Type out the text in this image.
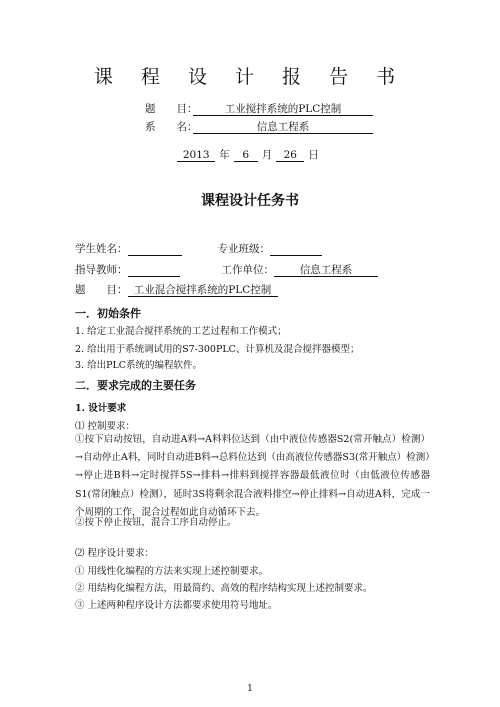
课 程 设 计 报 告 书
题　　目：	工业搅拌系统的PLC控制
系　　名：	信息工程系
2013 年 6 月 26 日
课程设计任务书
学生姓名：	专业班级：
指导教师：	工作单位： 信息工程系
题　　目： 工业混合搅拌系统的PLC控制
一．初始条件
1. 给定工业混合搅拌系统的工艺过程和工作模式；
2. 给出用于系统调试用的S7-300PLC、计算机及混合搅拌器模型；
3. 给出PLC系统的编程软件。
二．要求完成的主要任务
1. 设计要求
⑴ 控制要求：
①按下启动按钮，自动进A料→A料料位达到（由中液位传感器S2(常开触点）检测）→自动停止A料，同时自动进B料→总料位达到（由高液位传感器S3(常开触点）检测）→停止进B料→定时搅拌5S→排料→排料到搅拌容器最低液位时（由低液位传感器S1(常闭触点）检测），延时3S将剩余混合液料排空→停止排料→自动进A料，完成一个周期的工作，混合过程如此自动循环下去。
②按下停止按钮，混合工序自动停止。
⑵ 程序设计要求：
① 用线性化编程的方法来实现上述控制要求。
② 用结构化编程方法，用最简约、高效的程序结构实现上述控制要求。
③ 上述两种程序设计方法都要求使用符号地址。
1
